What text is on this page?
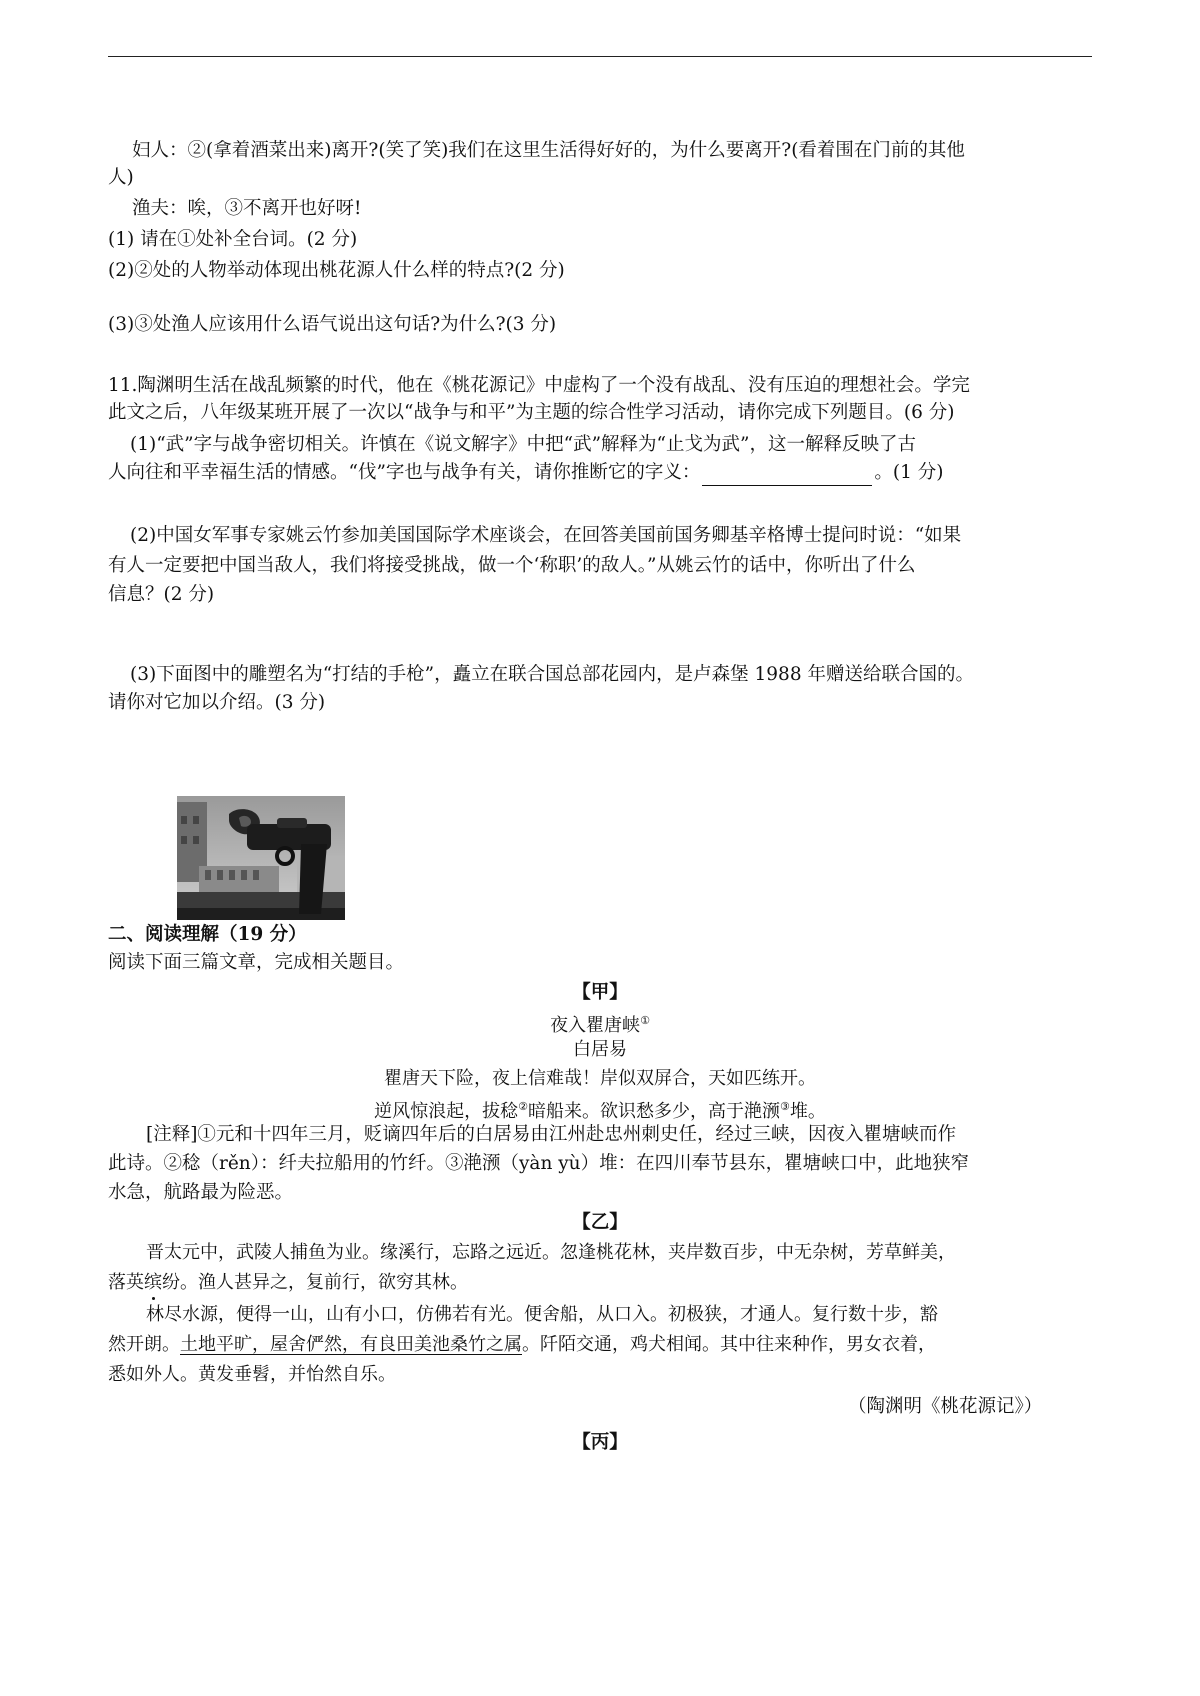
妇人：②(拿着酒菜出来)离开?(笑了笑)我们在这里生活得好好的，为什么要离开?(看着围在门前的其他
人)
渔夫：唉，③不离开也好呀!
(1) 请在①处补全台词。(2 分)
(2)②处的人物举动体现出桃花源人什么样的特点?(2 分)
(3)③处渔人应该用什么语气说出这句话?为什么?(3 分)
11.陶渊明生活在战乱频繁的时代，他在《桃花源记》中虚构了一个没有战乱、没有压迫的理想社会。学完
此文之后，八年级某班开展了一次以“战争与和平”为主题的综合性学习活动，请你完成下列题目。(6 分)
(1)“武”字与战争密切相关。许慎在《说文解字》中把“武”解释为“止戈为武”，这一解释反映了古
人向往和平幸福生活的情感。“伐”字也与战争有关，请你推断它的字义：	。(1 分)
(2)中国女军事专家姚云竹参加美国国际学术座谈会，在回答美国前国务卿基辛格博士提问时说：“如果
有人一定要把中国当敌人，我们将接受挑战，做一个‘称职’的敌人。”从姚云竹的话中，你听出了什么
信息？(2 分)
(3)下面图中的雕塑名为“打结的手枪”，矗立在联合国总部花园内，是卢森堡 1988 年赠送给联合国的。
请你对它加以介绍。(3 分)
二、阅读理解（19 分）
阅读下面三篇文章，完成相关题目。
【甲】
夜入瞿唐峡①
白居易
瞿唐天下险，夜上信难哉！岸似双屏合，天如匹练开。
逆风惊浪起，拔稔②暗船来。欲识愁多少，高于滟滪③堆。
[注释]①元和十四年三月，贬谪四年后的白居易由江州赴忠州刺史任，经过三峡，因夜入瞿塘峡而作
此诗。②稔（rěn）：纤夫拉船用的竹纤。③滟滪（yàn yù）堆：在四川奉节县东，瞿塘峡口中，此地狭窄
水急，航路最为险恶。
【乙】
晋太元中，武陵人捕鱼为业。缘溪行，忘路之远近。忽逢桃花林，夹岸数百步，中无杂树，芳草鲜美，
落英缤纷。渔人甚异之，复前行，欲穷其林。
林尽水源，便得一山，山有小口，仿佛若有光。便舍船，从口入。初极狭，才通人。复行数十步，豁
然开朗。土地平旷，屋舍俨然，有良田美池桑竹之属。阡陌交通，鸡犬相闻。其中往来种作，男女衣着，
悉如外人。黄发垂髫，并怡然自乐。
（陶渊明《桃花源记》）
【丙】
